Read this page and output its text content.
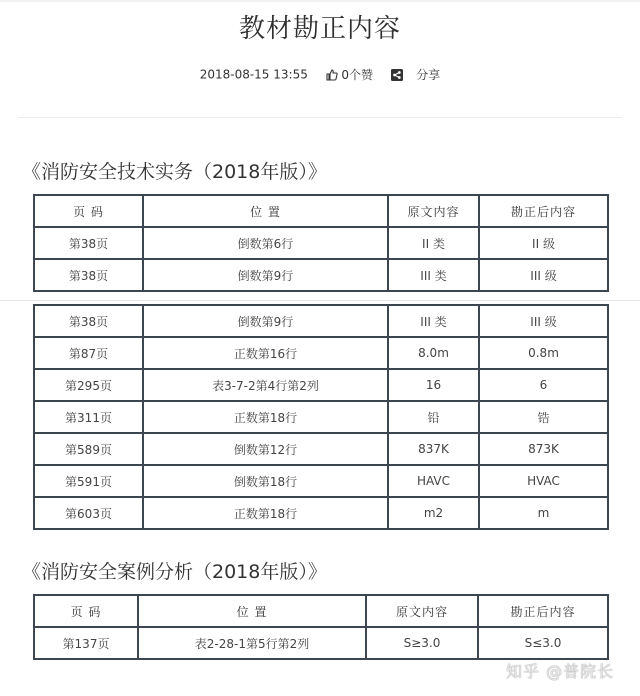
教材勘正内容
2018-08-15 13:55	0个赞	分享
《消防安全技术实务（2018年版）》
页 码	位 置	原文内容	勘正后内容
第38页	倒数第6行	II 类	II 级
第38页	倒数第9行	III 类	III 级
第38页	倒数第9行	III 类	III 级
第87页	正数第16行	8.0m	0.8m
第295页	表3-7-2第4行第2列	16	6
第311页	正数第18行	铅	锆
第589页	倒数第12行	837K	873K
第591页	倒数第18行	HAVC	HVAC
第603页	正数第18行	m2	m
《消防安全案例分析（2018年版）》
页 码	位 置	原文内容	勘正后内容
第137页	表2-28-1第5行第2列	S≥3.0	S≤3.0
知乎 @普院长
